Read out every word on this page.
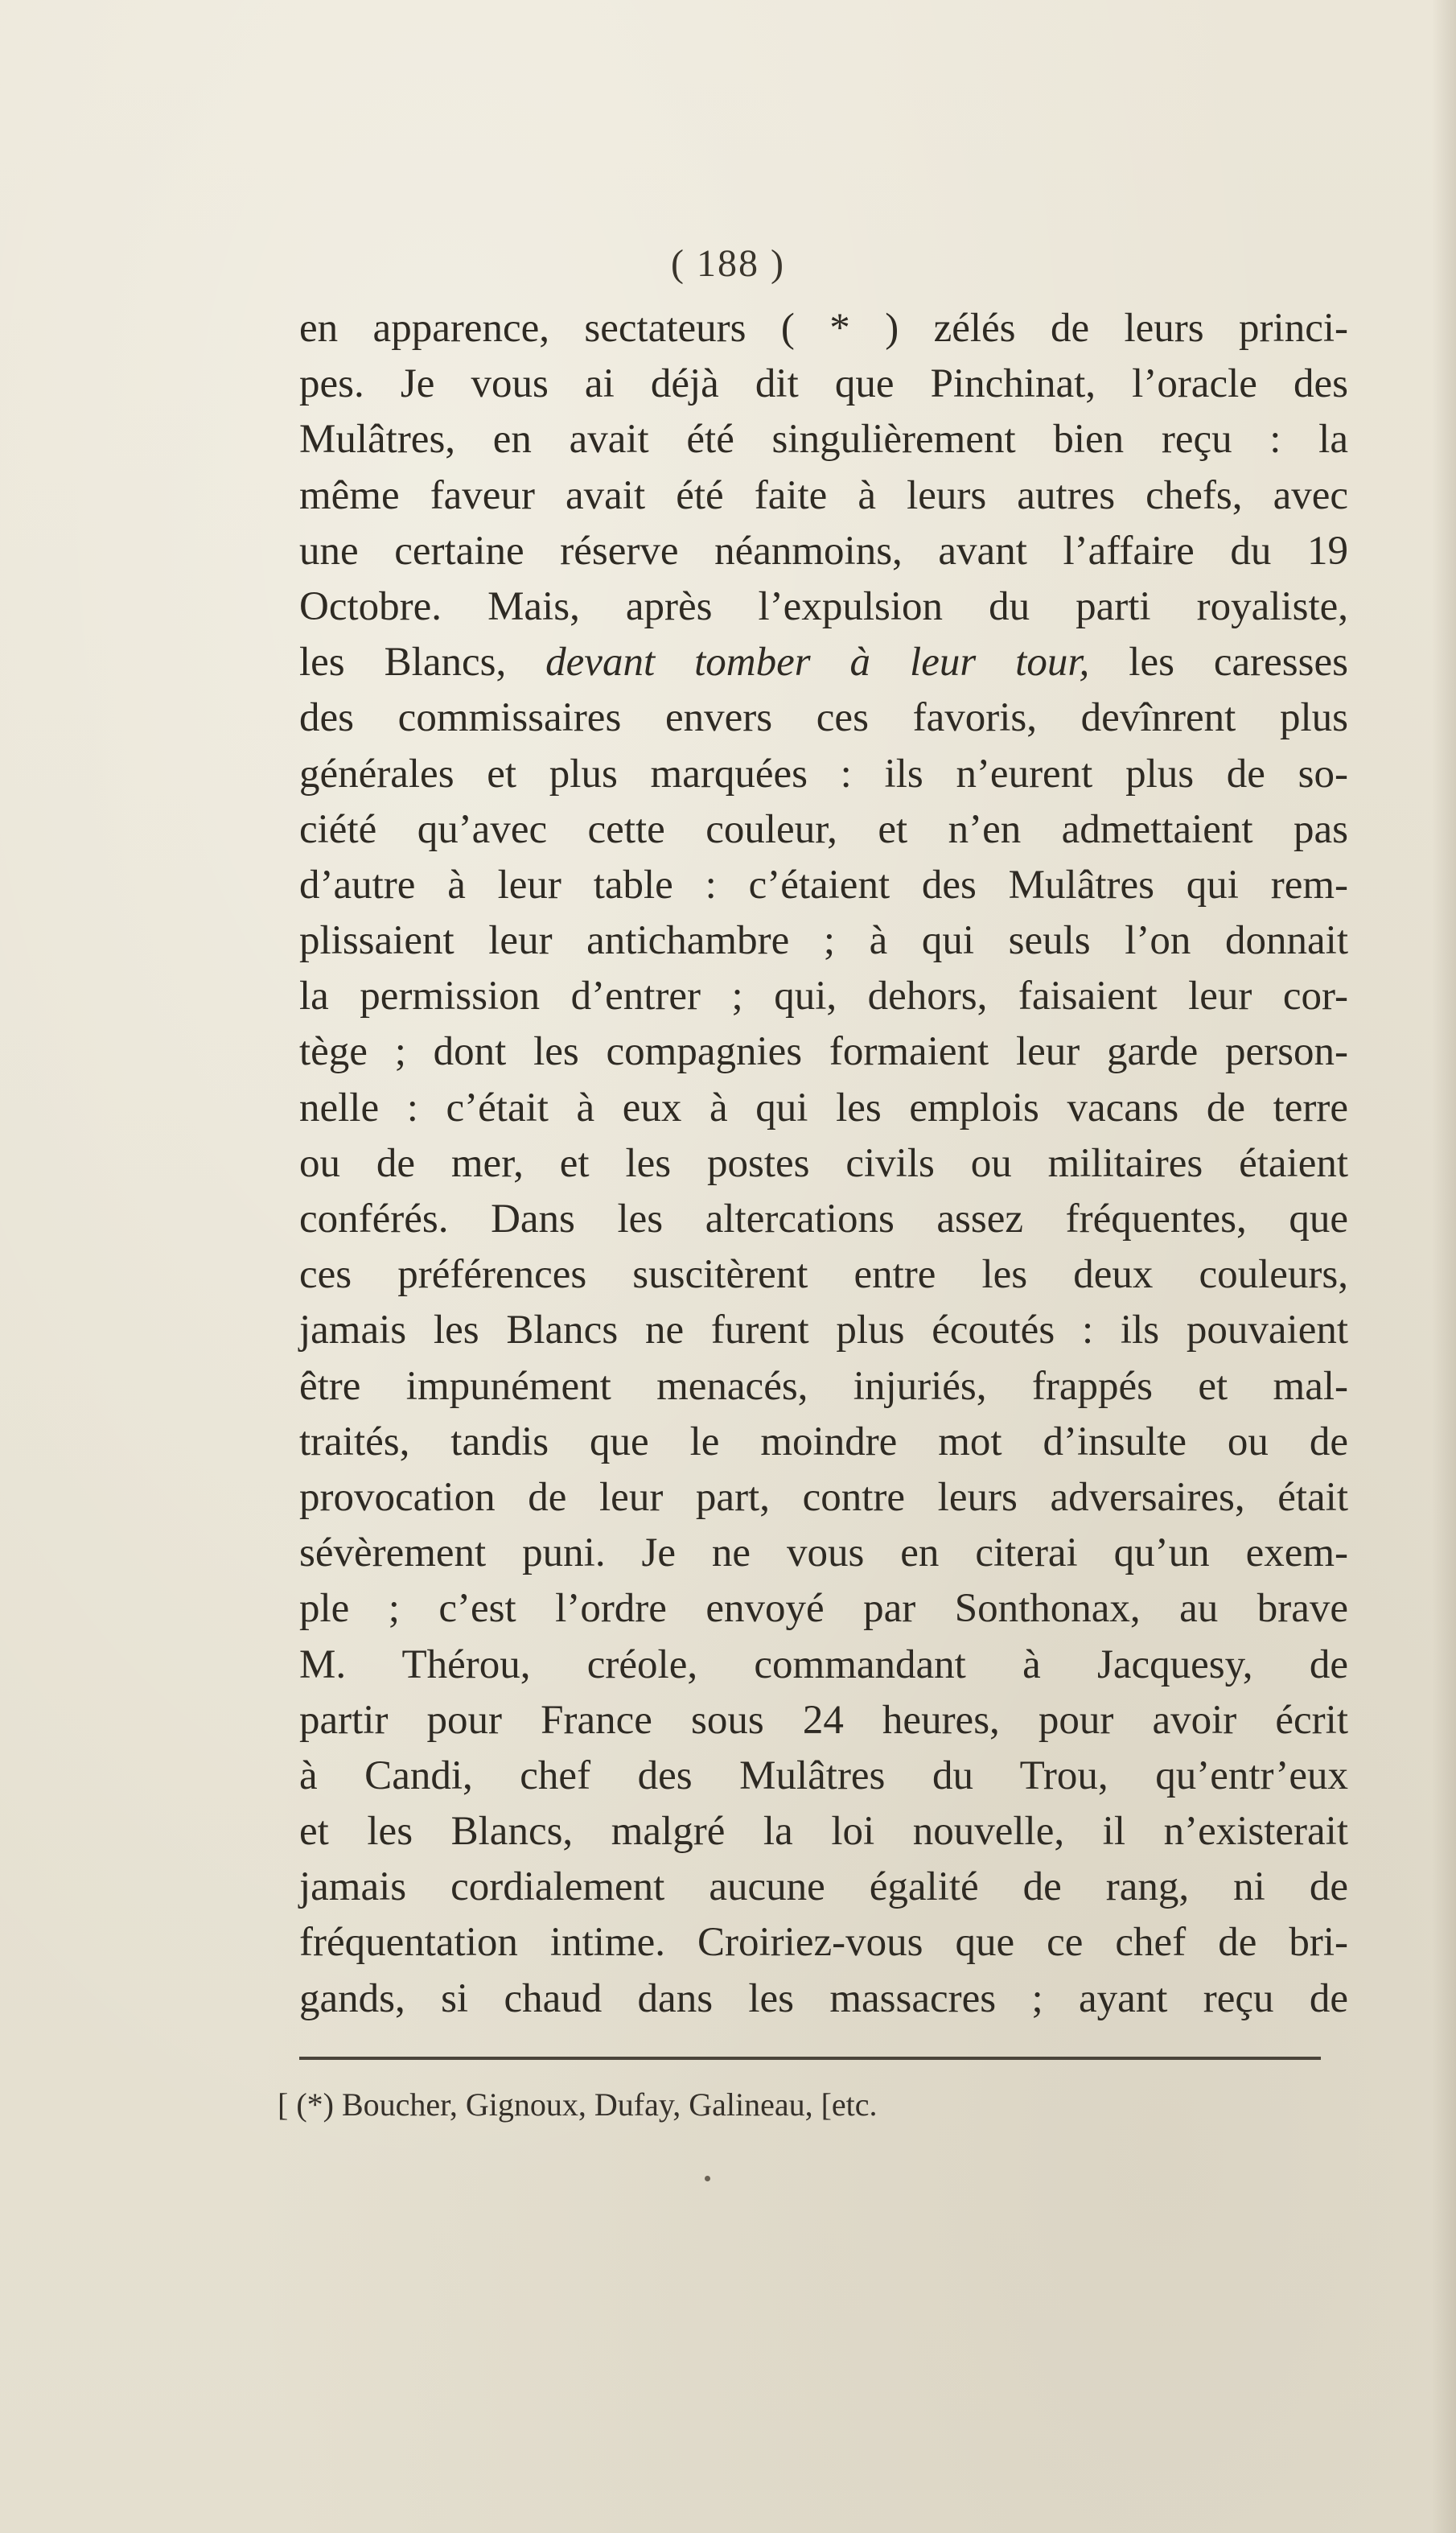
( 188 )
en apparence, sectateurs ( * ) zélés de leurs princi-
pes. Je vous ai déjà dit que Pinchinat, l’oracle des
Mulâtres, en avait été singulièrement bien reçu : la
même faveur avait été faite à leurs autres chefs, avec
une certaine réserve néanmoins, avant l’affaire du 19
Octobre. Mais, après l’expulsion du parti royaliste,
les Blancs, devant tomber à leur tour, les caresses
des commissaires envers ces favoris, devînrent plus
générales et plus marquées : ils n’eurent plus de so-
ciété qu’avec cette couleur, et n’en admettaient pas
d’autre à leur table : c’étaient des Mulâtres qui rem-
plissaient leur antichambre ; à qui seuls l’on donnait
la permission d’entrer ; qui, dehors, faisaient leur cor-
tège ; dont les compagnies formaient leur garde person-
nelle : c’était à eux à qui les emplois vacans de terre
ou de mer, et les postes civils ou militaires étaient
conférés. Dans les altercations assez fréquentes, que
ces préférences suscitèrent entre les deux couleurs,
jamais les Blancs ne furent plus écoutés : ils pouvaient
être impunément menacés, injuriés, frappés et mal-
traités, tandis que le moindre mot d’insulte ou de
provocation de leur part, contre leurs adversaires, était
sévèrement puni. Je ne vous en citerai qu’un exem-
ple ; c’est l’ordre envoyé par Sonthonax, au brave
M. Thérou, créole, commandant à Jacquesy, de
partir pour France sous 24 heures, pour avoir écrit
à Candi, chef des Mulâtres du Trou, qu’entr’eux
et les Blancs, malgré la loi nouvelle, il n’existerait
jamais cordialement aucune égalité de rang, ni de
fréquentation intime. Croiriez-vous que ce chef de bri-
gands, si chaud dans les massacres ; ayant reçu de
[ (*) Boucher, Gignoux, Dufay, Galineau, [etc.
